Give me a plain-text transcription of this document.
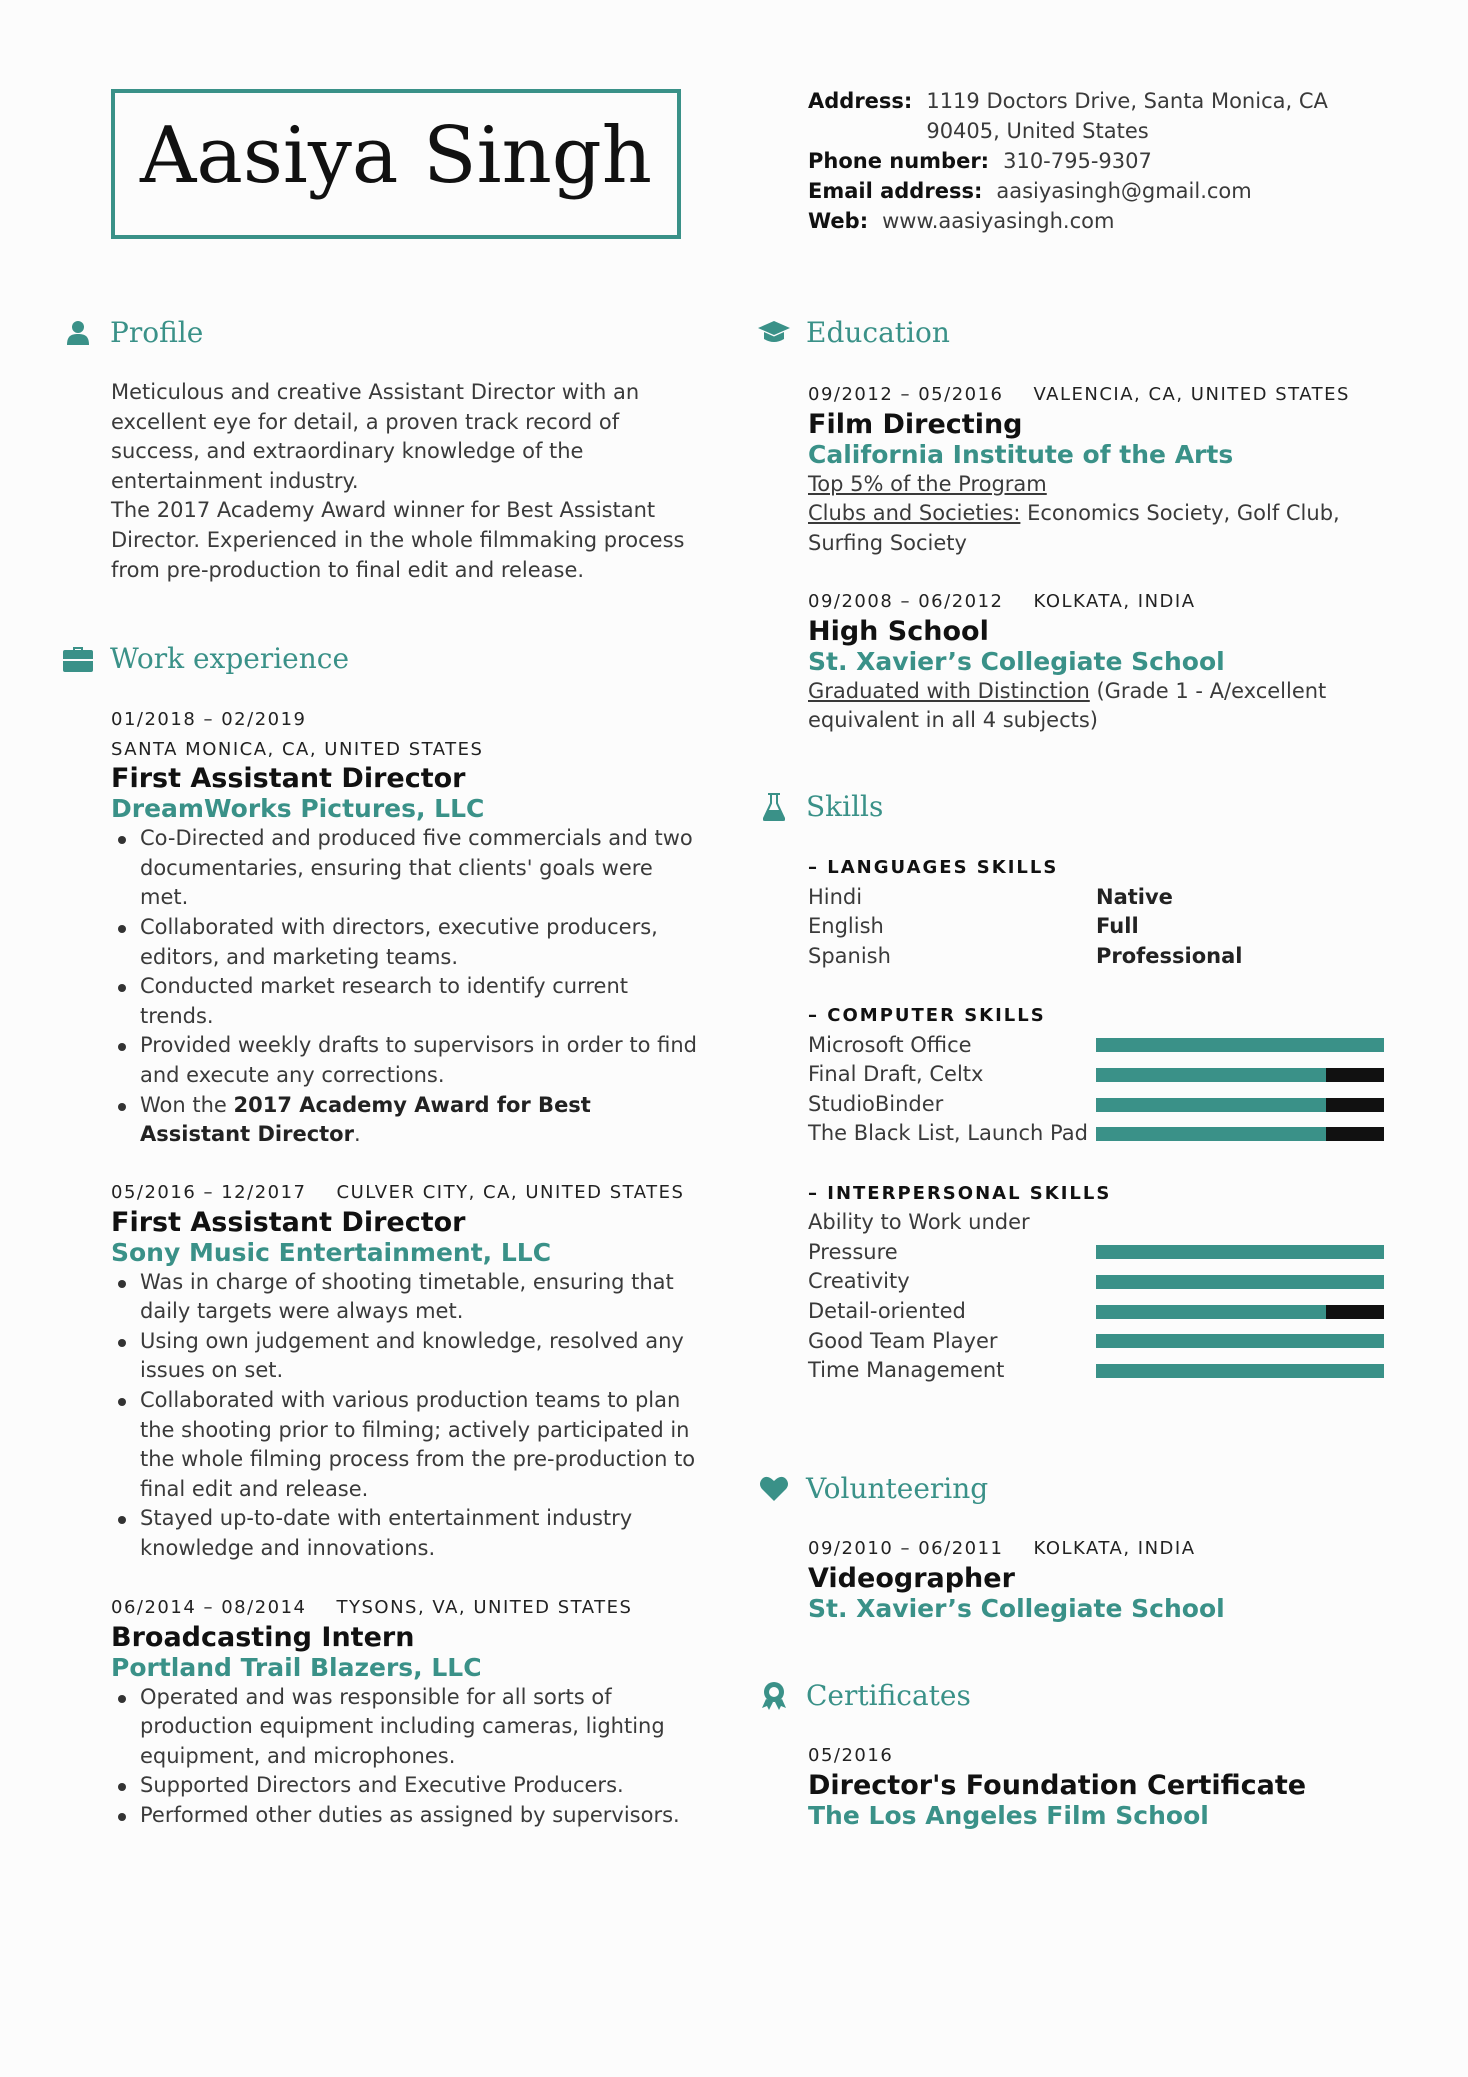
Aasiya Singh
Address: 1119 Doctors Drive, Santa Monica, CA 90405, United States
Phone number: 310-795-9307
Email address: aasiyasingh@gmail.com
Web: www.aasiyasingh.com
Profile
Meticulous and creative Assistant Director with an excellent eye for detail, a proven track record of success, and extraordinary knowledge of the entertainment industry.
The 2017 Academy Award winner for Best Assistant Director. Experienced in the whole filmmaking process from pre-production to final edit and release.
Work experience
01/2018 – 02/2019
SANTA MONICA, CA, UNITED STATES
First Assistant Director
DreamWorks Pictures, LLC
Co-Directed and produced five commercials and two documentaries, ensuring that clients' goals were met.
Collaborated with directors, executive producers, editors, and marketing teams.
Conducted market research to identify current trends.
Provided weekly drafts to supervisors in order to find and execute any corrections.
Won the 2017 Academy Award for Best Assistant Director.
05/2016 – 12/2017 CULVER CITY, CA, UNITED STATES
First Assistant Director
Sony Music Entertainment, LLC
Was in charge of shooting timetable, ensuring that daily targets were always met.
Using own judgement and knowledge, resolved any issues on set.
Collaborated with various production teams to plan the shooting prior to filming; actively participated in the whole filming process from the pre-production to final edit and release.
Stayed up-to-date with entertainment industry knowledge and innovations.
06/2014 – 08/2014 TYSONS, VA, UNITED STATES
Broadcasting Intern
Portland Trail Blazers, LLC
Operated and was responsible for all sorts of production equipment including cameras, lighting equipment, and microphones.
Supported Directors and Executive Producers.
Performed other duties as assigned by supervisors.
Education
09/2012 – 05/2016 VALENCIA, CA, UNITED STATES
Film Directing
California Institute of the Arts
Top 5% of the Program
Clubs and Societies: Economics Society, Golf Club, Surfing Society
09/2008 – 06/2012 KOLKATA, INDIA
High School
St. Xavier’s Collegiate School
Graduated with Distinction (Grade 1 - A/excellent equivalent in all 4 subjects)
Skills
– LANGUAGES SKILLS
Hindi	Native
English	Full
Spanish	Professional
– COMPUTER SKILLS
Microsoft Office
Final Draft, Celtx
StudioBinder
The Black List, Launch Pad
– INTERPERSONAL SKILLS
Ability to Work under Pressure
Creativity
Detail-oriented
Good Team Player
Time Management
Volunteering
09/2010 – 06/2011 KOLKATA, INDIA
Videographer
St. Xavier’s Collegiate School
Certificates
05/2016
Director's Foundation Certificate
The Los Angeles Film School
